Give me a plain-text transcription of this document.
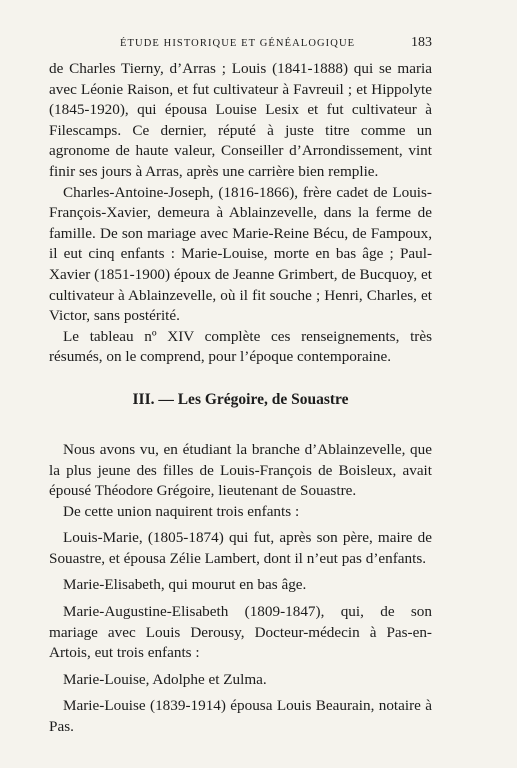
ÉTUDE HISTORIQUE ET GÉNÉALOGIQUE	183

de Charles Tierny, d’Arras ; Louis (1841-1888) qui se maria avec Léonie Raison, et fut cultivateur à Favreuil ; et Hippolyte (1845-1920), qui épousa Louise Lesix et fut cultivateur à Filescamps. Ce dernier, réputé à juste titre comme un agronome de haute valeur, Conseiller d’Arrondissement, vint finir ses jours à Arras, après une carrière bien remplie.

Charles-Antoine-Joseph, (1816-1866), frère cadet de Louis-François-Xavier, demeura à Ablainzevelle, dans la ferme de famille. De son mariage avec Marie-Reine Bécu, de Fampoux, il eut cinq enfants : Marie-Louise, morte en bas âge ; Paul-Xavier (1851-1900) époux de Jeanne Grimbert, de Bucquoy, et cultivateur à Ablainzevelle, où il fit souche ; Henri, Charles, et Victor, sans postérité.

Le tableau nº XIV complète ces renseignements, très résumés, on le comprend, pour l’époque contemporaine.

III. — Les Grégoire, de Souastre

Nous avons vu, en étudiant la branche d’Ablainzevelle, que la plus jeune des filles de Louis-François de Boisleux, avait épousé Théodore Grégoire, lieutenant de Souastre.

De cette union naquirent trois enfants :

Louis-Marie, (1805-1874) qui fut, après son père, maire de Souastre, et épousa Zélie Lambert, dont il n’eut pas d’enfants.

Marie-Elisabeth, qui mourut en bas âge.

Marie-Augustine-Elisabeth (1809-1847), qui, de son mariage avec Louis Derousy, Docteur-médecin à Pas-en-Artois, eut trois enfants :

Marie-Louise, Adolphe et Zulma.

Marie-Louise (1839-1914) épousa Louis Beaurain, notaire à Pas.
